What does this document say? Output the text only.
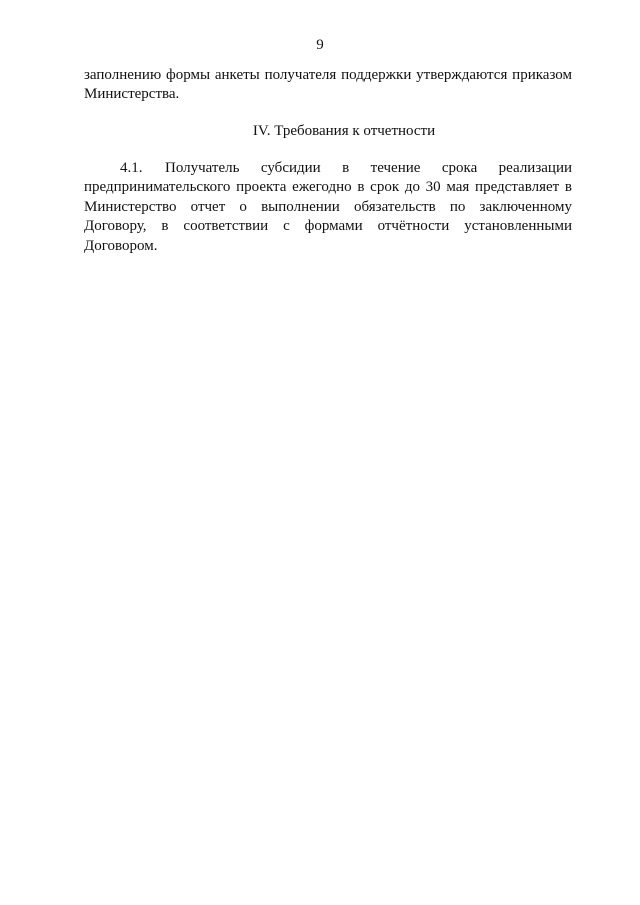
9
заполнению формы анкеты получателя поддержки утверждаются приказом
Министерства.
IV. Требования к отчетности
4.1.   Получатель субсидии в течение срока реализации
предпринимательского проекта ежегодно в срок до 30 мая представляет в
Министерство отчет о выполнении обязательств по заключенному
Договору, в соответствии с формами отчётности установленными
Договором.
